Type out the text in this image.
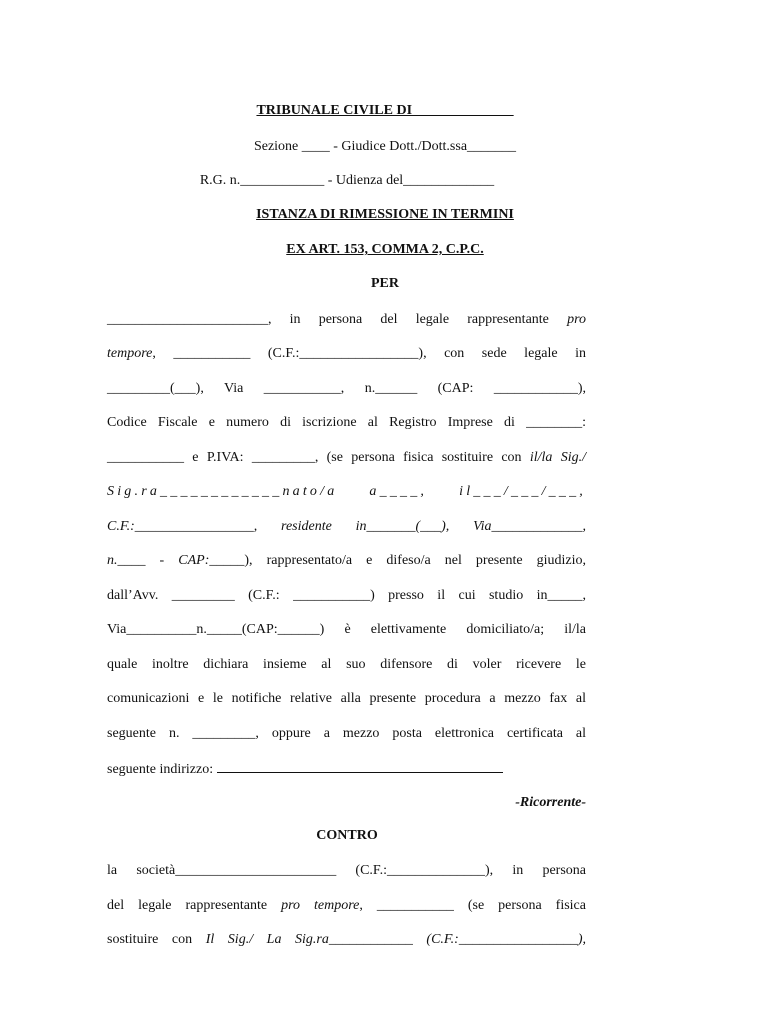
TRIBUNALE CIVILE DI ______________
Sezione ____ - Giudice Dott./Dott.ssa_______
R.G. n.____________ - Udienza del_____________
ISTANZA DI RIMESSIONE IN TERMINI
EX ART. 153, COMMA 2, C.P.C.
PER
_______________________, in persona del legale rappresentante pro
tempore, ___________ (C.F.:_________________), con sede legale in
_________(___), Via ___________, n.______ (CAP: ____________),
Codice Fiscale e numero di iscrizione al Registro Imprese di ________:
___________ e P.IVA: _________, (se persona fisica sostituire con il/la Sig./
Sig.ra____________nato/a a____, il___/___/___,
C.F.:_________________, residente in_______(___), Via_____________,
n.____ - CAP:_____), rappresentato/a e difeso/a nel presente giudizio,
dall’Avv. _________ (C.F.: ___________) presso il cui studio in_____,
Via__________n._____(CAP:______) è elettivamente domiciliato/a; il/la
quale inoltre dichiara insieme al suo difensore di voler ricevere le
comunicazioni e le notifiche relative alla presente procedura a mezzo fax al
seguente n. _________, oppure a mezzo posta elettronica certificata al
seguente indirizzo:
-Ricorrente-
CONTRO
la società_______________________ (C.F.:______________), in persona
del legale rappresentante pro tempore, ___________ (se persona fisica
sostituire con Il Sig./ La Sig.ra____________ (C.F.:_________________),
